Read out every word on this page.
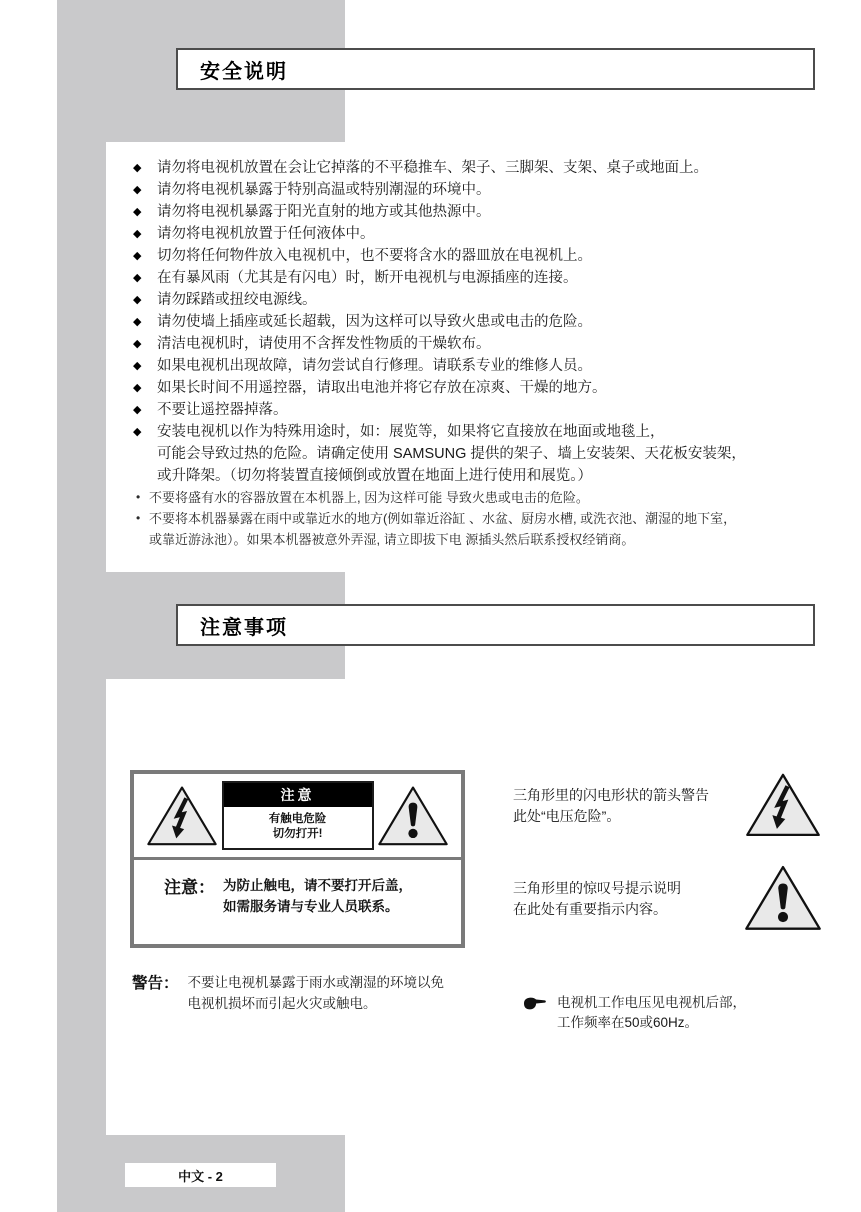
安全说明
◆	请勿将电视机放置在会让它掉落的不平稳推车、架子、三脚架、支架、桌子或地面上。
◆	请勿将电视机暴露于特别高温或特别潮湿的环境中。
◆	请勿将电视机暴露于阳光直射的地方或其他热源中。
◆	请勿将电视机放置于任何液体中。
◆	切勿将任何物件放入电视机中，也不要将含水的器皿放在电视机上。
◆	在有暴风雨（尤其是有闪电）时，断开电视机与电源插座的连接。
◆	请勿踩踏或扭绞电源线。
◆	请勿使墙上插座或延长超载，因为这样可以导致火患或电击的危险。
◆	清洁电视机时，请使用不含挥发性物质的干燥软布。
◆	如果电视机出现故障，请勿尝试自行修理。请联系专业的维修人员。
◆	如果长时间不用遥控器，请取出电池并将它存放在凉爽、干燥的地方。
◆	不要让遥控器掉落。
◆	安装电视机以作为特殊用途时，如：展览等，如果将它直接放在地面或地毯上，
可能会导致过热的危险。请确定使用 SAMSUNG 提供的架子、墙上安装架、天花板安装架，
或升降架。（切勿将装置直接倾倒或放置在地面上进行使用和展览。）
• 不要将盛有水的容器放置在本机器上, 因为这样可能 导致火患或电击的危险。
• 不要将本机器暴露在雨中或靠近水的地方(例如靠近浴缸 、水盆、厨房水槽, 或洗衣池、潮湿的地下室，
或靠近游泳池）。如果本机器被意外弄湿, 请立即拔下电 源插头然后联系授权经销商。
注意事项
注意
有触电危险
切勿打开!
注意： 为防止触电，请不要打开后盖，
如需服务请与专业人员联系。
三角形里的闪电形状的箭头警告
此处“电压危险”。
三角形里的惊叹号提示说明
在此处有重要指示内容。
警告： 不要让电视机暴露于雨水或潮湿的环境以免
电视机损坏而引起火灾或触电。	电视机工作电压见电视机后部，
工作频率在50或60Hz。
中文 - 2
